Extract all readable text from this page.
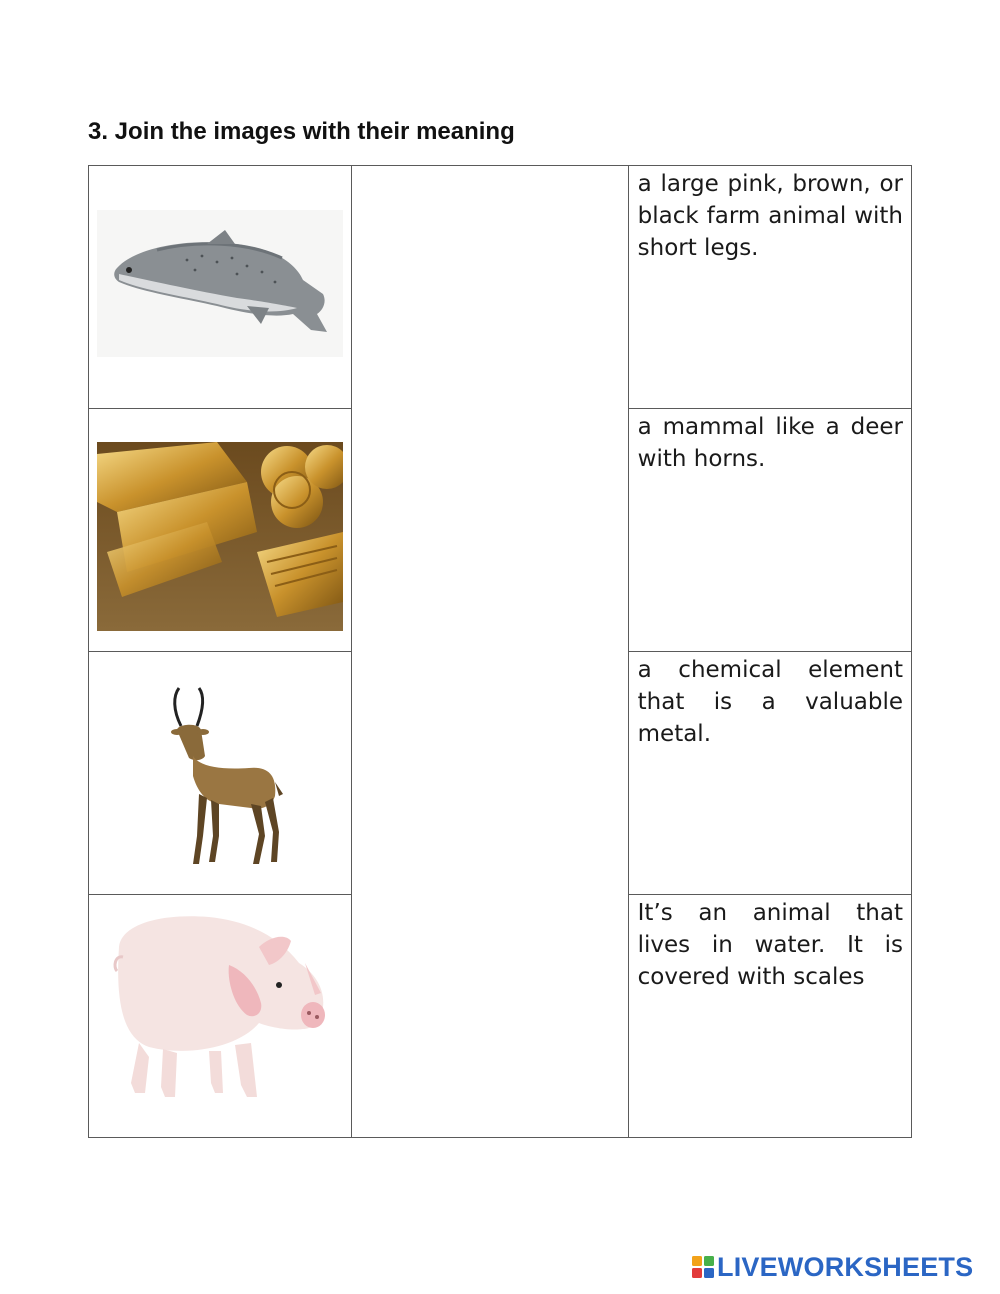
3. Join the images with their meaning

a large pink, brown, or black farm animal with short legs.

a mammal like a deer with horns.

a chemical element that is a valuable metal.

It’s an animal that lives in water. It is covered with scales
LIVEWORKSHEETS
